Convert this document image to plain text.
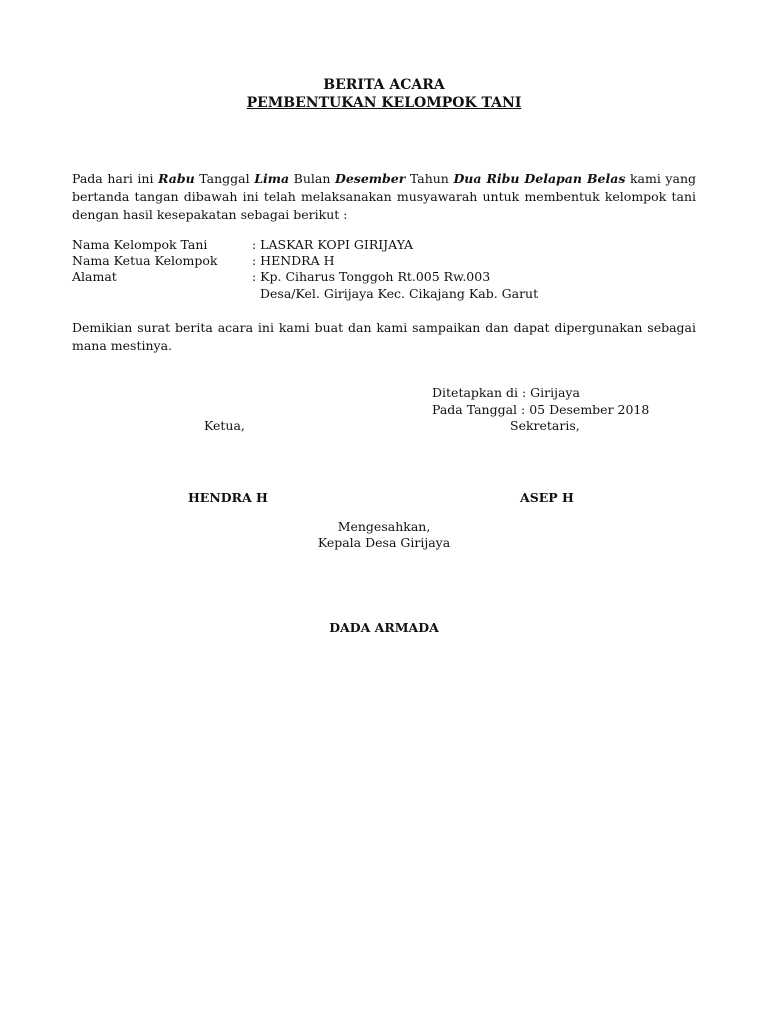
BERITA ACARA
PEMBENTUKAN KELOMPOK TANI
Pada hari ini Rabu Tanggal Lima Bulan Desember Tahun Dua Ribu Delapan Belas kami yang bertanda tangan dibawah ini telah melaksanakan musyawarah untuk membentuk kelompok tani dengan hasil kesepakatan sebagai berikut :
Nama Kelompok Tani	: LASKAR KOPI GIRIJAYA
Nama Ketua Kelompok	: HENDRA H
Alamat	: Kp. Ciharus Tonggoh Rt.005 Rw.003
Desa/Kel. Girijaya Kec. Cikajang Kab. Garut
Demikian surat berita acara ini kami buat dan kami sampaikan dan dapat dipergunakan sebagai mana mestinya.
Ditetapkan di : Girijaya
Pada Tanggal : 05 Desember 2018
Ketua,	Sekretaris,
HENDRA H	ASEP H
Mengesahkan,
Kepala Desa Girijaya
DADA ARMADA
